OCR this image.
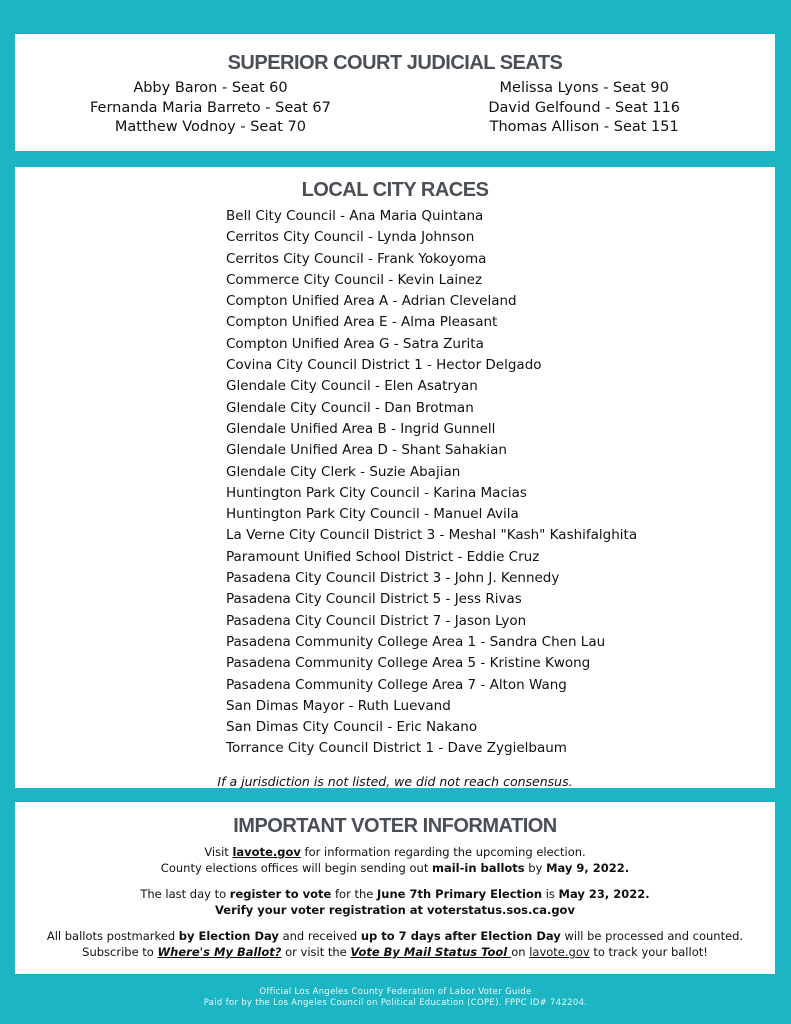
SUPERIOR COURT JUDICIAL SEATS
Abby Baron - Seat 60
Fernanda Maria Barreto - Seat 67
Matthew Vodnoy - Seat 70
Melissa Lyons - Seat 90
David Gelfound - Seat 116
Thomas Allison - Seat 151
LOCAL CITY RACES
Bell City Council - Ana Maria Quintana
Cerritos City Council - Lynda Johnson
Cerritos City Council - Frank Yokoyoma
Commerce City Council - Kevin Lainez
Compton Unified Area A - Adrian Cleveland
Compton Unified Area E - Alma Pleasant
Compton Unified Area G - Satra Zurita
Covina City Council District 1 - Hector Delgado
Glendale City Council - Elen Asatryan
Glendale City Council - Dan Brotman
Glendale Unified Area B - Ingrid Gunnell
Glendale Unified Area D - Shant Sahakian
Glendale City Clerk - Suzie Abajian
Huntington Park City Council - Karina Macias
Huntington Park City Council - Manuel Avila
La Verne City Council District 3 - Meshal "Kash" Kashifalghita
Paramount Unified School District - Eddie Cruz
Pasadena City Council District 3 - John J. Kennedy
Pasadena City Council District 5 - Jess Rivas
Pasadena City Council District 7 - Jason Lyon
Pasadena Community College Area 1 - Sandra Chen Lau
Pasadena Community College Area 5 - Kristine Kwong
Pasadena Community College Area 7 - Alton Wang
San Dimas Mayor - Ruth Luevand
San Dimas City Council - Eric Nakano
Torrance City Council District 1 - Dave Zygielbaum
If a jurisdiction is not listed, we did not reach consensus.
IMPORTANT VOTER INFORMATION

Visit lavote.gov for information regarding the upcoming election.

County elections offices will begin sending out mail-in ballots by May 9, 2022.

The last day to register to vote for the June 7th Primary Election is May 23, 2022.

Verify your voter registration at voterstatus.sos.ca.gov

All ballots postmarked by Election Day and received up to 7 days after Election Day will be processed and counted.

Subscribe to Where's My Ballot? or visit the Vote By Mail Status Tool on lavote.gov to track your ballot!

Official Los Angeles County Federation of Labor Voter Guide
Paid for by the Los Angeles Council on Political Education (COPE). FPPC ID# 742204.
